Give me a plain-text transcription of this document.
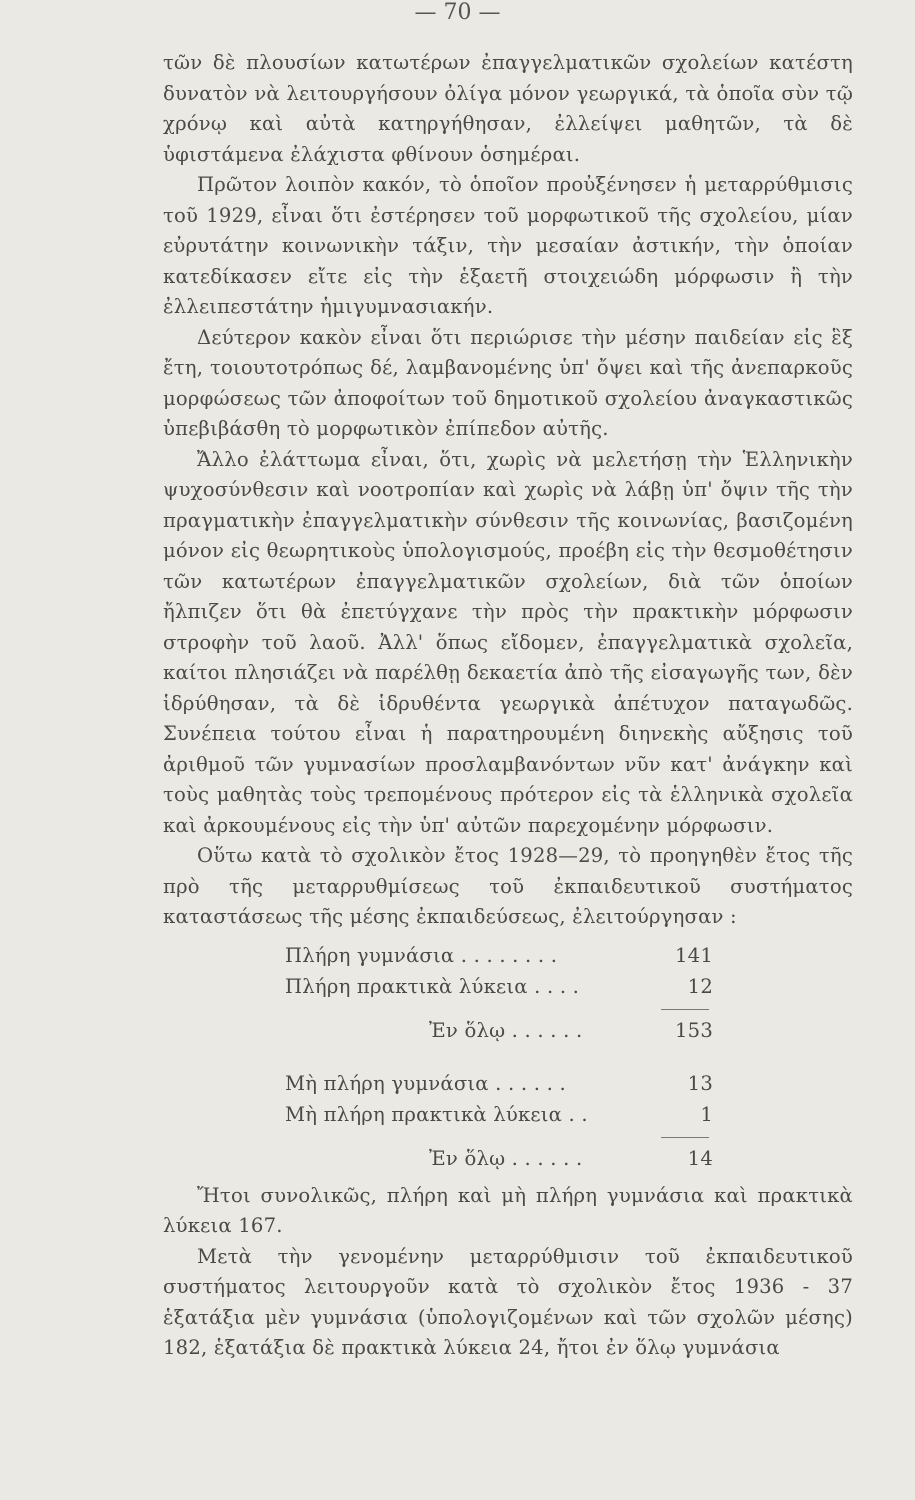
— 70 —

τῶν δὲ πλουσίων κατωτέρων ἐπαγγελματικῶν σχολείων κατέστη δυνατὸν νὰ λειτουργήσουν ὀλίγα μόνον γεωργικά, τὰ ὁποῖα σὺν τῷ χρόνῳ καὶ αὐτὰ κατηργήθησαν, ἐλλείψει μαθητῶν, τὰ δὲ ὑφιστάμενα ἐλάχιστα φθίνουν ὁσημέραι.

Πρῶτον λοιπὸν κακόν, τὸ ὁποῖον προὐξένησεν ἡ μεταρρύθμισις τοῦ 1929, εἶναι ὅτι ἐστέρησεν τοῦ μορφωτικοῦ τῆς σχολείου, μίαν εὐρυτάτην κοινωνικὴν τάξιν, τὴν μεσαίαν ἀστικήν, τὴν ὁποίαν κατεδίκασεν εἴτε εἰς τὴν ἑξαετῆ στοιχειώδη μόρφωσιν ἢ τὴν ἐλλειπεστάτην ἡμιγυμνασιακήν.

Δεύτερον κακὸν εἶναι ὅτι περιώρισε τὴν μέσην παιδείαν εἰς ἓξ ἔτη, τοιουτοτρόπως δέ, λαμβανομένης ὑπ' ὄψει καὶ τῆς ἀνεπαρκοῦς μορφώσεως τῶν ἀποφοίτων τοῦ δημοτικοῦ σχολείου ἀναγκαστικῶς ὑπεβιβάσθη τὸ μορφωτικὸν ἐπίπεδον αὐτῆς.

Ἄλλο ἐλάττωμα εἶναι, ὅτι, χωρὶς νὰ μελετήσῃ τὴν Ἑλληνικὴν ψυχοσύνθεσιν καὶ νοοτροπίαν καὶ χωρὶς νὰ λάβῃ ὑπ' ὄψιν τῆς τὴν πραγματικὴν ἐπαγγελματικὴν σύνθεσιν τῆς κοινωνίας, βασιζομένη μόνον εἰς θεωρητικοὺς ὑπολογισμούς, προέβη εἰς τὴν θεσμοθέτησιν τῶν κατωτέρων ἐπαγγελματικῶν σχολείων, διὰ τῶν ὁποίων ἤλπιζεν ὅτι θὰ ἐπετύγχανε τὴν πρὸς τὴν πρακτικὴν μόρφωσιν στροφὴν τοῦ λαοῦ. Ἀλλ' ὅπως εἴδομεν, ἐπαγγελματικὰ σχολεῖα, καίτοι πλησιάζει νὰ παρέλθῃ δεκαετία ἀπὸ τῆς εἰσαγωγῆς των, δὲν ἱδρύθησαν, τὰ δὲ ἱδρυθέντα γεωργικὰ ἀπέτυχον παταγωδῶς. Συνέπεια τούτου εἶναι ἡ παρατηρουμένη διηνεκὴς αὔξησις τοῦ ἀριθμοῦ τῶν γυμνασίων προσλαμβανόντων νῦν κατ' ἀνάγκην καὶ τοὺς μαθητὰς τοὺς τρεπομένους πρότερον εἰς τὰ ἑλληνικὰ σχολεῖα καὶ ἀρκουμένους εἰς τὴν ὑπ' αὐτῶν παρεχομένην μόρφωσιν.

Οὕτω κατὰ τὸ σχολικὸν ἔτος 1928—29, τὸ προηγηθὲν ἔτος τῆς πρὸ τῆς μεταρρυθμίσεως τοῦ ἐκπαιδευτικοῦ συστήματος καταστάσεως τῆς μέσης ἐκπαιδεύσεως, ἐλειτούργησαν :

Πλήρη γυμνάσια . . . . . . . .	141
Πλήρη πρακτικὰ λύκεια . . . .	12
Ἐν ὅλῳ . . . . . .	153
Μὴ πλήρη γυμνάσια . . . . . .	13
Μὴ πλήρη πρακτικὰ λύκεια . .	1
Ἐν ὅλῳ . . . . . .	14

Ἤτοι συνολικῶς, πλήρη καὶ μὴ πλήρη γυμνάσια καὶ πρακτικὰ λύκεια 167.

Μετὰ τὴν γενομένην μεταρρύθμισιν τοῦ ἐκπαιδευτικοῦ συστήματος λειτουργοῦν κατὰ τὸ σχολικὸν ἔτος 1936 - 37 ἑξατάξια μὲν γυμνάσια (ὑπολογιζομένων καὶ τῶν σχολῶν μέσης) 182, ἑξατάξια δὲ πρακτικὰ λύκεια 24, ἤτοι ἐν ὅλῳ γυμνάσια
